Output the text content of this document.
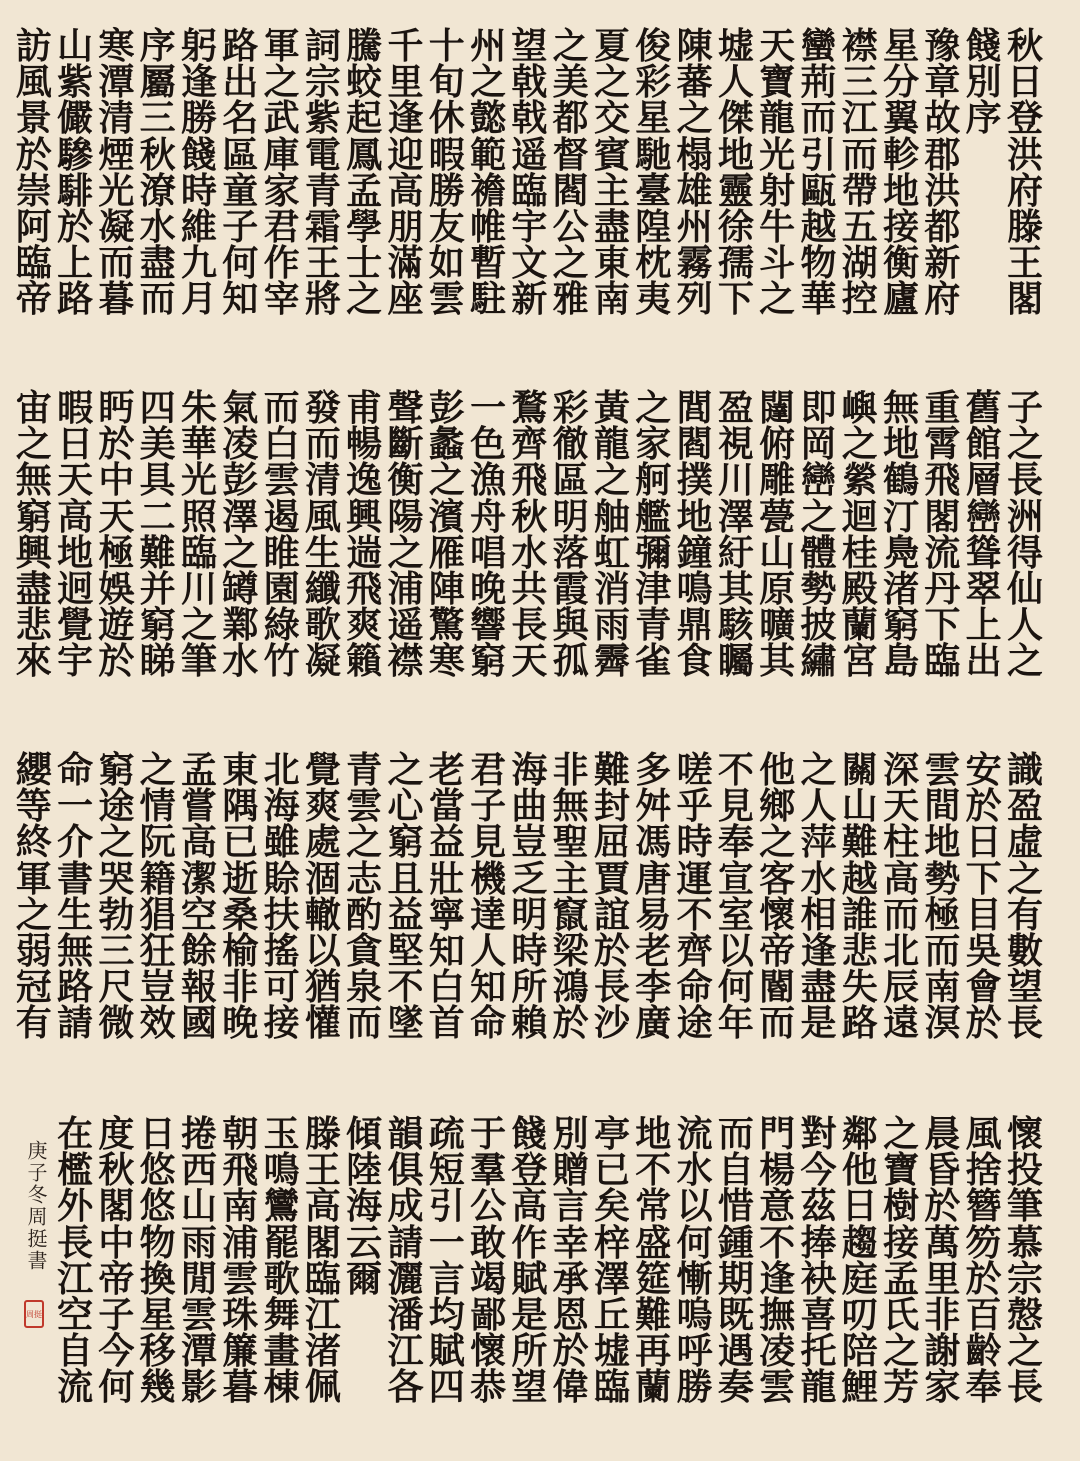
秋
日
登
洪
府
滕
王
閣
餞
別
序
豫
章
故
郡
洪
都
新
府
星
分
翼
軫
地
接
衡
廬
襟
三
江
而
帶
五
湖
控
蠻
荊
而
引
甌
越
物
華
天
寶
龍
光
射
牛
斗
之
墟
人
傑
地
靈
徐
孺
下
陳
蕃
之
榻
雄
州
霧
列
俊
彩
星
馳
臺
隍
枕
夷
夏
之
交
賓
主
盡
東
南
之
美
都
督
閻
公
之
雅
望
戟
戟
遥
臨
宇
文
新
州
之
懿
範
襜
帷
暫
駐
十
旬
休
暇
勝
友
如
雲
千
里
逢
迎
高
朋
滿
座
騰
蛟
起
鳳
孟
學
士
之
詞
宗
紫
電
青
霜
王
將
軍
之
武
庫
家
君
作
宰
路
出
名
區
童
子
何
知
躬
逢
勝
餞
時
維
九
月
序
屬
三
秋
潦
水
盡
而
寒
潭
清
煙
光
凝
而
暮
山
紫
儼
驂
騑
於
上
路
訪
風
景
於
崇
阿
臨
帝
子
之
長
洲
得
仙
人
之
舊
館
層
巒
聳
翠
上
出
重
霄
飛
閣
流
丹
下
臨
無
地
鶴
汀
鳧
渚
窮
島
嶼
之
縈
迴
桂
殿
蘭
宮
即
岡
巒
之
體
勢
披
繡
闥
俯
雕
甍
山
原
曠
其
盈
視
川
澤
紆
其
駭
矚
閭
閻
撲
地
鐘
鳴
鼎
食
之
家
舸
艦
彌
津
青
雀
黃
龍
之
舳
虹
消
雨
霽
彩
徹
區
明
落
霞
與
孤
鶩
齊
飛
秋
水
共
長
天
一
色
漁
舟
唱
晚
響
窮
彭
蠡
之
濱
雁
陣
驚
寒
聲
斷
衡
陽
之
浦
遥
襟
甫
暢
逸
興
遄
飛
爽
籟
發
而
清
風
生
纖
歌
凝
而
白
雲
遏
睢
園
綠
竹
氣
凌
彭
澤
之
罇
鄴
水
朱
華
光
照
臨
川
之
筆
四
美
具
二
難
并
窮
睇
眄
於
中
天
極
娛
遊
於
暇
日
天
高
地
迥
覺
宇
宙
之
無
窮
興
盡
悲
來
識
盈
虛
之
有
數
望
長
安
於
日
下
目
吳
會
於
雲
間
地
勢
極
而
南
溟
深
天
柱
高
而
北
辰
遠
關
山
難
越
誰
悲
失
路
之
人
萍
水
相
逢
盡
是
他
鄉
之
客
懷
帝
閽
而
不
見
奉
宣
室
以
何
年
嗟
乎
時
運
不
齊
命
途
多
舛
馮
唐
易
老
李
廣
難
封
屈
賈
誼
於
長
沙
非
無
聖
主
竄
梁
鴻
於
海
曲
豈
乏
明
時
所
賴
君
子
見
機
達
人
知
命
老
當
益
壯
寧
知
白
首
之
心
窮
且
益
堅
不
墜
青
雲
之
志
酌
貪
泉
而
覺
爽
處
涸
轍
以
猶
懽
北
海
雖
賒
扶
搖
可
接
東
隅
已
逝
桑
榆
非
晚
孟
嘗
高
潔
空
餘
報
國
之
情
阮
籍
猖
狂
豈
效
窮
途
之
哭
勃
三
尺
微
命
一
介
書
生
無
路
請
纓
等
終
軍
之
弱
冠
有
懷
投
筆
慕
宗
慤
之
長
風
捨
簪
笏
於
百
齡
奉
晨
昏
於
萬
里
非
謝
家
之
寶
樹
接
孟
氏
之
芳
鄰
他
日
趨
庭
叨
陪
鯉
對
今
茲
捧
袂
喜
托
龍
門
楊
意
不
逢
撫
凌
雲
而
自
惜
鍾
期
既
遇
奏
流
水
以
何
慚
嗚
呼
勝
地
不
常
盛
筵
難
再
蘭
亭
已
矣
梓
澤
丘
墟
臨
別
贈
言
幸
承
恩
於
偉
餞
登
高
作
賦
是
所
望
于
羣
公
敢
竭
鄙
懷
恭
疏
短
引
一
言
均
賦
四
韻
俱
成
請
灑
潘
江
各
傾
陸
海
云
爾
滕
王
高
閣
臨
江
渚
佩
玉
鳴
鸞
罷
歌
舞
畫
棟
朝
飛
南
浦
雲
珠
簾
暮
捲
西
山
雨
閒
雲
潭
影
日
悠
悠
物
換
星
移
幾
度
秋
閣
中
帝
子
今
何
在
檻
外
長
江
空
自
流
庚子冬周挺書
周挺
